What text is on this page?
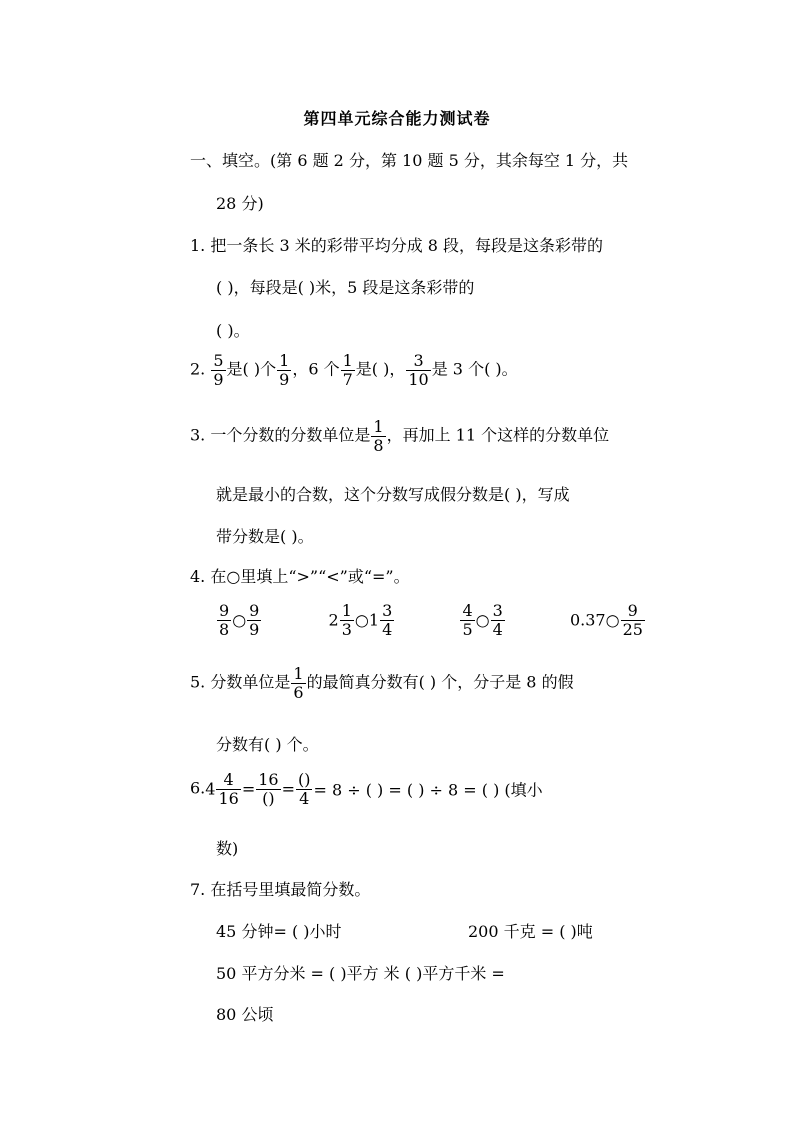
第四单元综合能力测试卷
一、填空。(第 6 题 2 分，第 10 题 5 分，其余每空 1 分，共
28 分)
1. 把一条长 3 米的彩带平均分成 8 段，每段是这条彩带的
( )，每段是( )米，5 段是这条彩带的
( )。
2. $\frac{5}{9}$ 是( )个 $\frac{1}{9}$ ，6 个 $\frac{1}{7}$ 是( )， $\frac{3}{10}$ 是 3 个( )。
3. 一个分数的分数单位是 $\frac{1}{8}$ ，再加上 11 个这样的分数单位
就是最小的合数，这个分数写成假分数是( )，写成
带分数是( )。
4. 在○里填上“>”“<”或“=”。
$\frac{9}{8}$ ○ $\frac{9}{9}$	$2 \frac{1}{3}$ ○1 $\frac{3}{4}$
	$\frac{4}{5}$ ○ $\frac{3}{4}$	0.37○ $\frac{9}{25}$
5. 分数单位是 $\frac{1}{6}$ 的最简真分数有( ) 个，分子是 8 的假
分数有( ) 个。
$6.4 \frac{4}{16} = \frac{16}{()} = \frac{()}{4} = 8$ ÷ ( ) = ( ) ÷ 8 = ( ) (填小
数)
7. 在括号里填最简分数。
45 分钟= ( )小时	200 千克 = ( )吨
50 平方分米 = ( )平方 米 ( )平方千米 =
80 公顷
